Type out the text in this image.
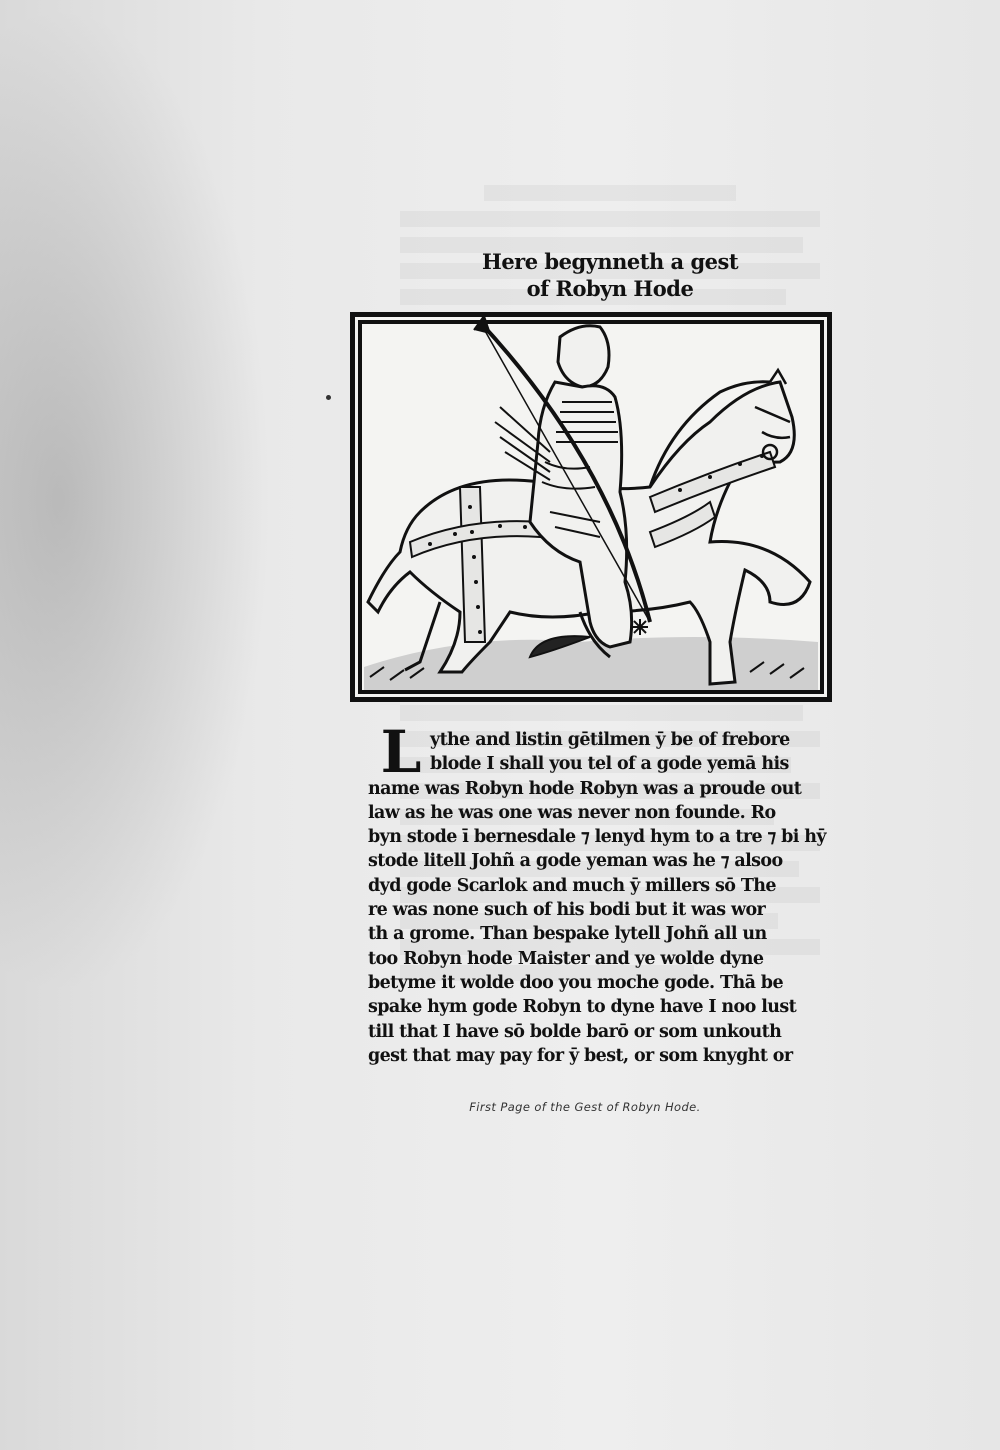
Here begynneth a gest
of Robyn Hode
L ythe and listin gētilmen ȳ be of frebore
blode I shall you tel of a gode yemā his
name was Robyn hode Robyn was a proude out
law as he was one was never non founde. Ro
byn stode ī bernesdale ⁊ lenyd hym to a tre ⁊ bi hȳ
stode litell Johñ a gode yeman was he ⁊ alsoo
dyd gode Scarlok and much ȳ millers sō The
re was none such of his bodi but it was wor
th a grome. Than bespake lytell Johñ all un
too Robyn hode Maister and ye wolde dyne
betyme it wolde doo you moche gode. Thā be
spake hym gode Robyn to dyne have I noo lust
till that I have sō bolde barō or som unkouth
gest that may pay for ȳ best, or som knyght or
First Page of the Gest of Robyn Hode.
